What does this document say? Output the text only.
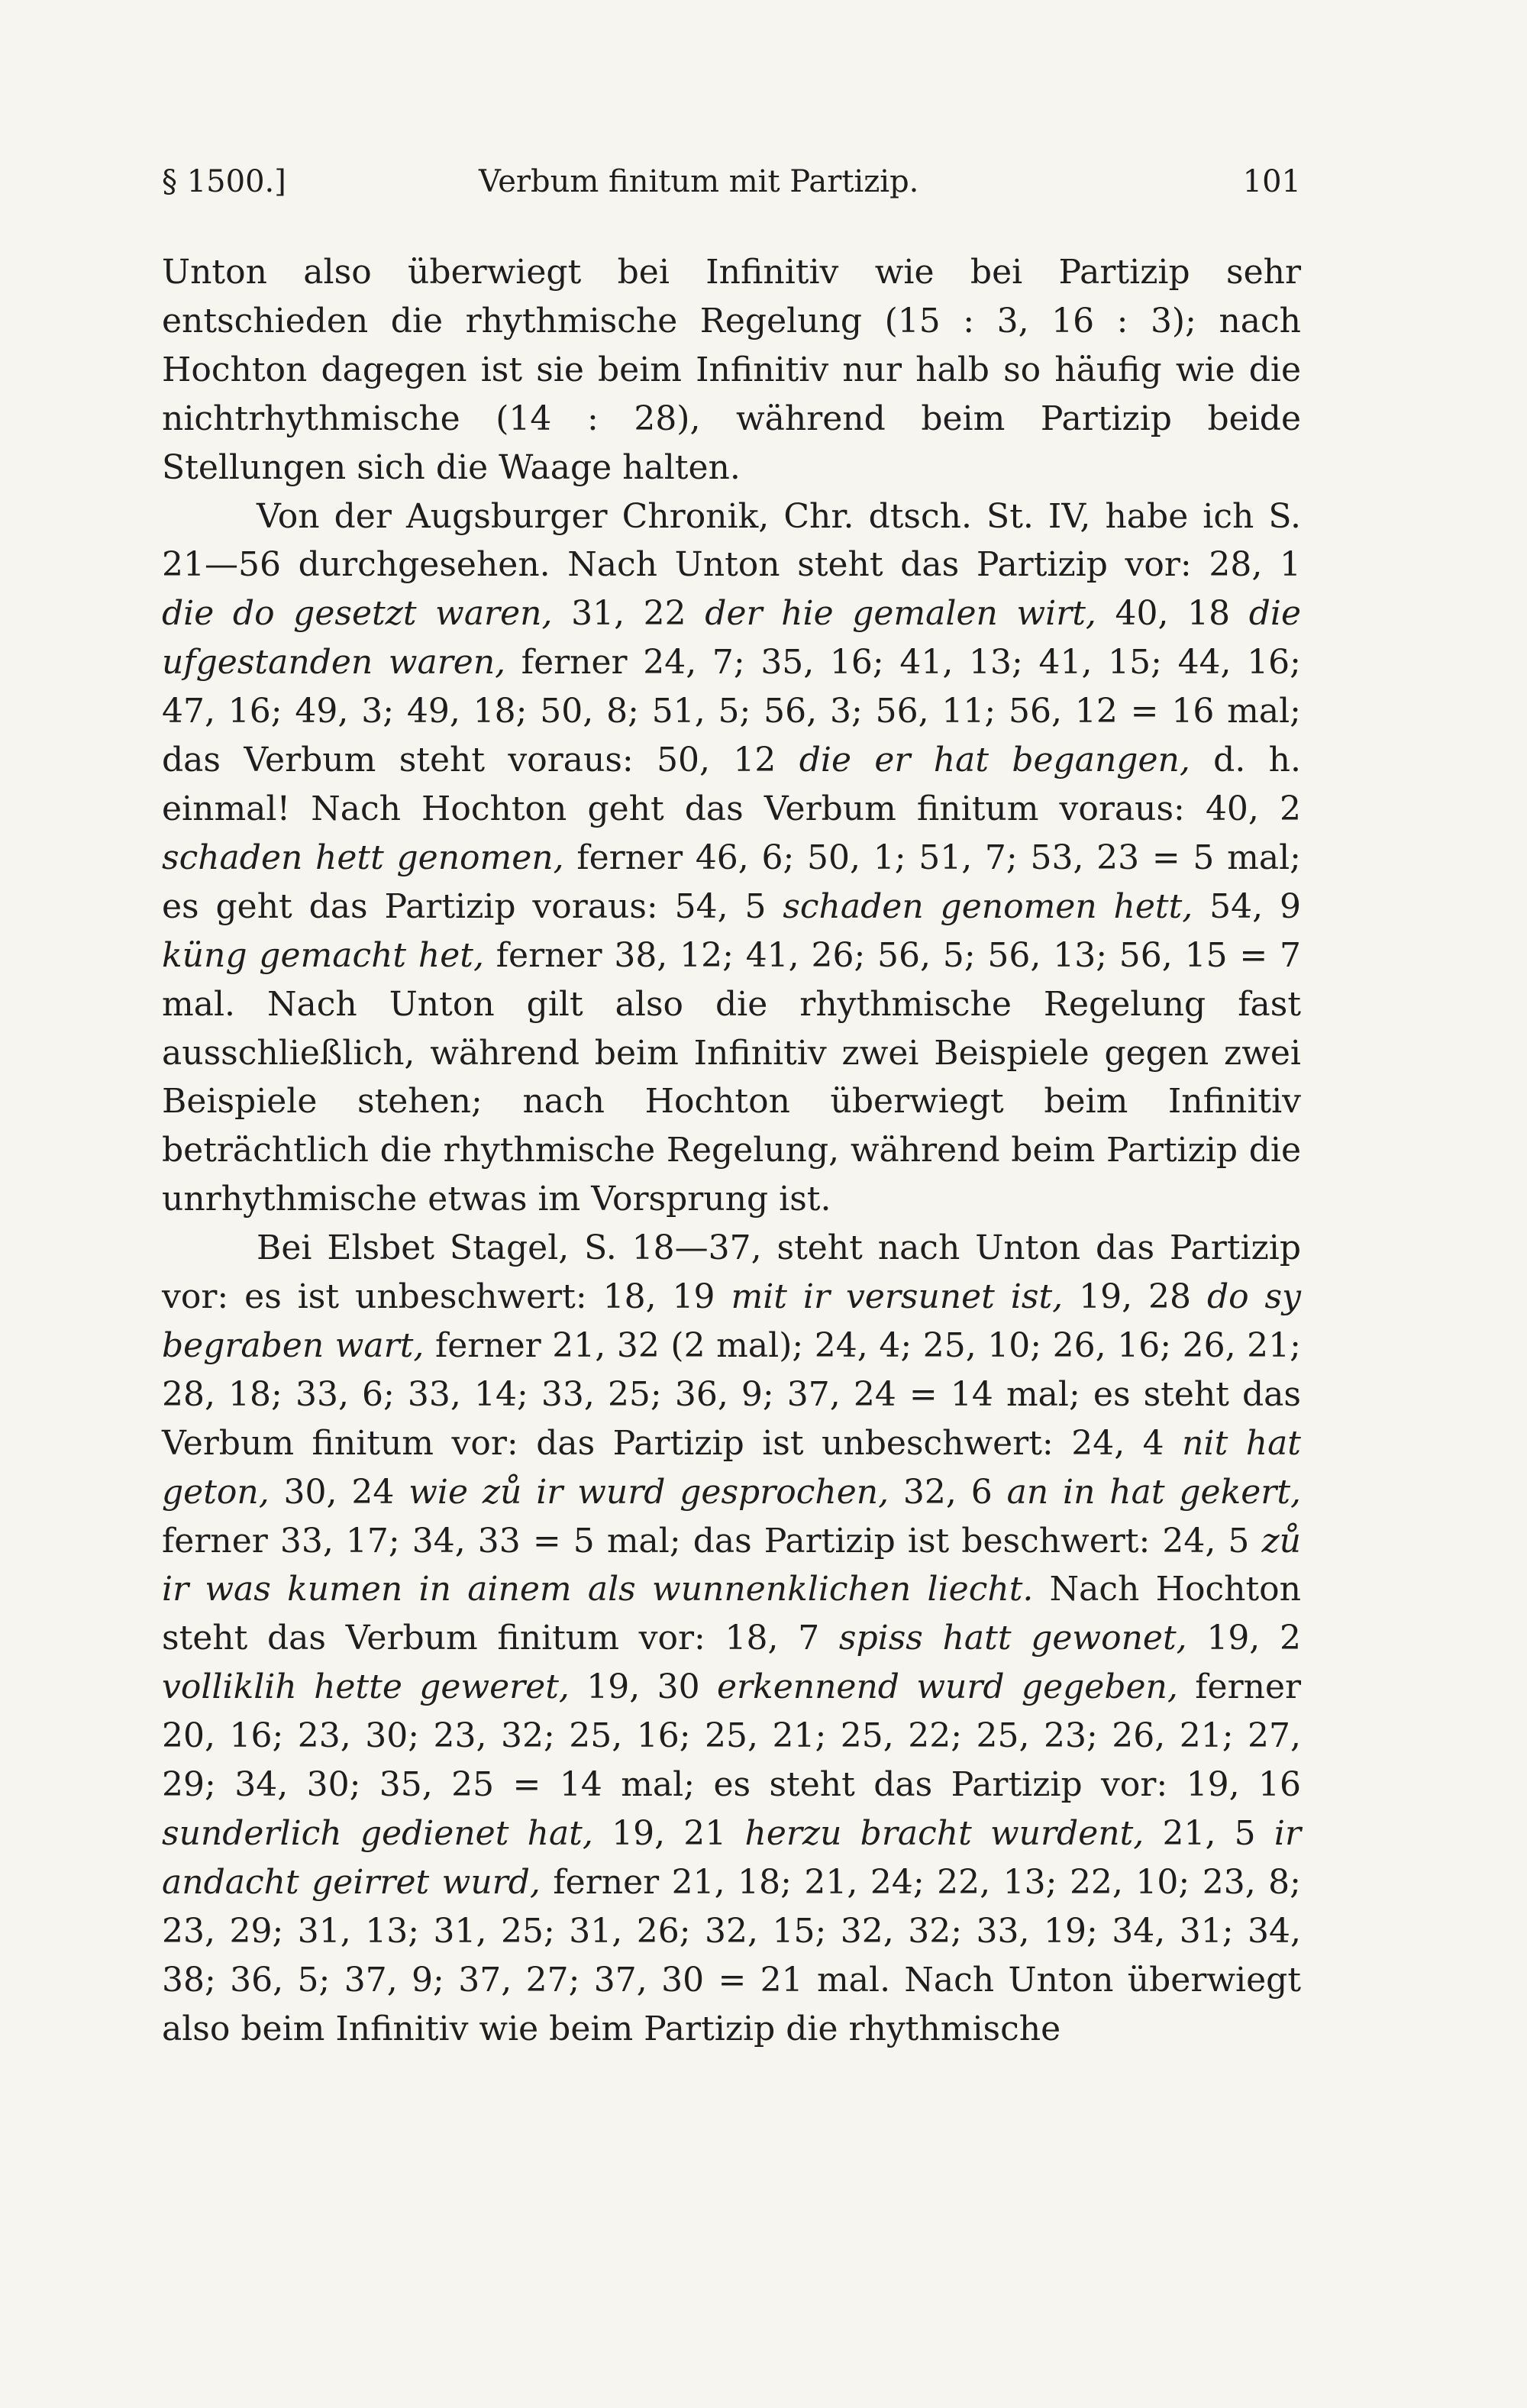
§ 1500.]	Verbum finitum mit Partizip.	101

Unton also überwiegt bei Infinitiv wie bei Partizip sehr entschieden die rhythmische Regelung (15 : 3, 16 : 3); nach Hochton dagegen ist sie beim Infinitiv nur halb so häufig wie die nichtrhythmische (14 : 28), während beim Partizip beide Stellungen sich die Waage halten.

Von der Augsburger Chronik, Chr. dtsch. St. IV, habe ich S. 21—56 durchgesehen. Nach Unton steht das Partizip vor: 28, 1 die do gesetzt waren, 31, 22 der hie gemalen wirt, 40, 18 die ufgestanden waren, ferner 24, 7; 35, 16; 41, 13; 41, 15; 44, 16; 47, 16; 49, 3; 49, 18; 50, 8; 51, 5; 56, 3; 56, 11; 56, 12 = 16 mal; das Verbum steht voraus: 50, 12 die er hat begangen, d. h. einmal! Nach Hochton geht das Verbum finitum voraus: 40, 2 schaden hett genomen, ferner 46, 6; 50, 1; 51, 7; 53, 23 = 5 mal; es geht das Partizip voraus: 54, 5 schaden genomen hett, 54, 9 küng gemacht het, ferner 38, 12; 41, 26; 56, 5; 56, 13; 56, 15 = 7 mal. Nach Unton gilt also die rhythmische Regelung fast ausschließlich, während beim Infinitiv zwei Beispiele gegen zwei Beispiele stehen; nach Hochton überwiegt beim Infinitiv beträchtlich die rhythmische Regelung, während beim Partizip die unrhythmische etwas im Vorsprung ist.

Bei Elsbet Stagel, S. 18—37, steht nach Unton das Partizip vor: es ist unbeschwert: 18, 19 mit ir versunet ist, 19, 28 do sy begraben wart, ferner 21, 32 (2 mal); 24, 4; 25, 10; 26, 16; 26, 21; 28, 18; 33, 6; 33, 14; 33, 25; 36, 9; 37, 24 = 14 mal; es steht das Verbum finitum vor: das Partizip ist unbeschwert: 24, 4 nit hat geton, 30, 24 wie zů ir wurd gesprochen, 32, 6 an in hat gekert, ferner 33, 17; 34, 33 = 5 mal; das Partizip ist beschwert: 24, 5 zů ir was kumen in ainem als wunnenklichen liecht. Nach Hochton steht das Verbum finitum vor: 18, 7 spiss hatt gewonet, 19, 2 volliklih hette geweret, 19, 30 erkennend wurd gegeben, ferner 20, 16; 23, 30; 23, 32; 25, 16; 25, 21; 25, 22; 25, 23; 26, 21; 27, 29; 34, 30; 35, 25 = 14 mal; es steht das Partizip vor: 19, 16 sunderlich gedienet hat, 19, 21 herzu bracht wurdent, 21, 5 ir andacht geirret wurd, ferner 21, 18; 21, 24; 22, 13; 22, 10; 23, 8; 23, 29; 31, 13; 31, 25; 31, 26; 32, 15; 32, 32; 33, 19; 34, 31; 34, 38; 36, 5; 37, 9; 37, 27; 37, 30 = 21 mal. Nach Unton überwiegt also beim Infinitiv wie beim Partizip die rhythmische
